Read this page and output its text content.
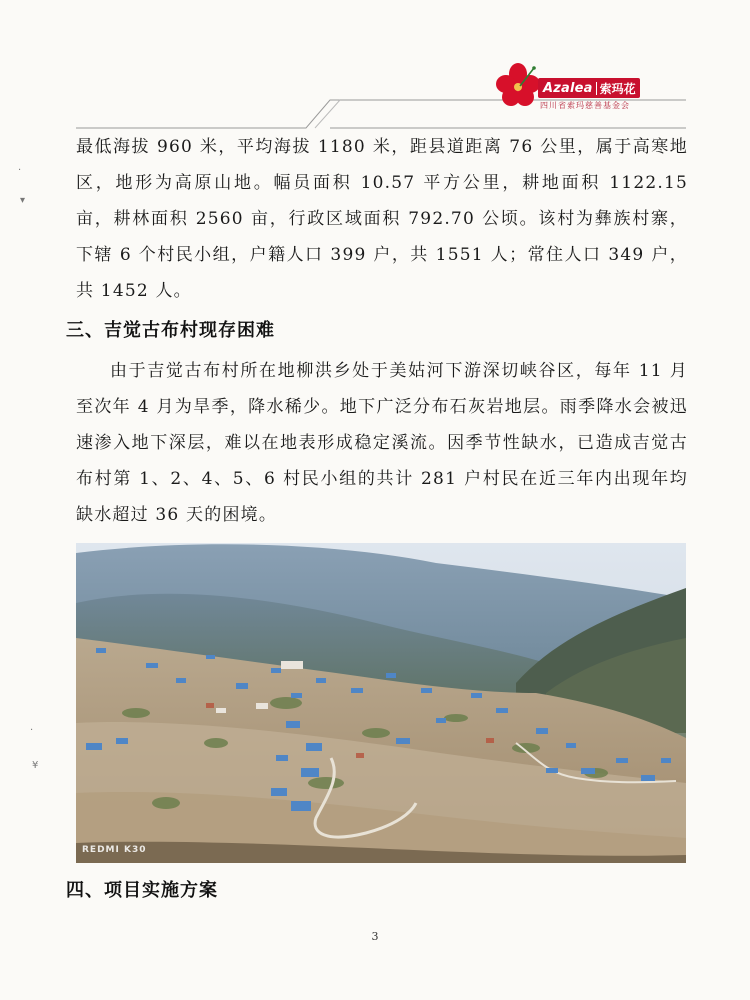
Azalea 索玛花
四川省索玛慈善基金会

最低海拔 960 米，平均海拔 1180 米，距县道距离 76 公里，属于高寒地区，地形为高原山地。幅员面积 10.57 平方公里，耕地面积 1122.15 亩，耕林面积 2560 亩，行政区域面积 792.70 公顷。该村为彝族村寨，下辖 6 个村民小组，户籍人口 399 户，共 1551 人；常住人口 349 户，共 1452 人。

三、吉觉古布村现存困难

由于吉觉古布村所在地柳洪乡处于美姑河下游深切峡谷区，每年 11 月至次年 4 月为旱季，降水稀少。地下广泛分布石灰岩地层。雨季降水会被迅速渗入地下深层，难以在地表形成稳定溪流。因季节性缺水，已造成吉觉古布村第 1、2、4、5、6 村民小组的共计 281 户村民在近三年内出现年均缺水超过 36 天的困境。

REDMI K30
四、项目实施方案
3
·
▾
·
¥
